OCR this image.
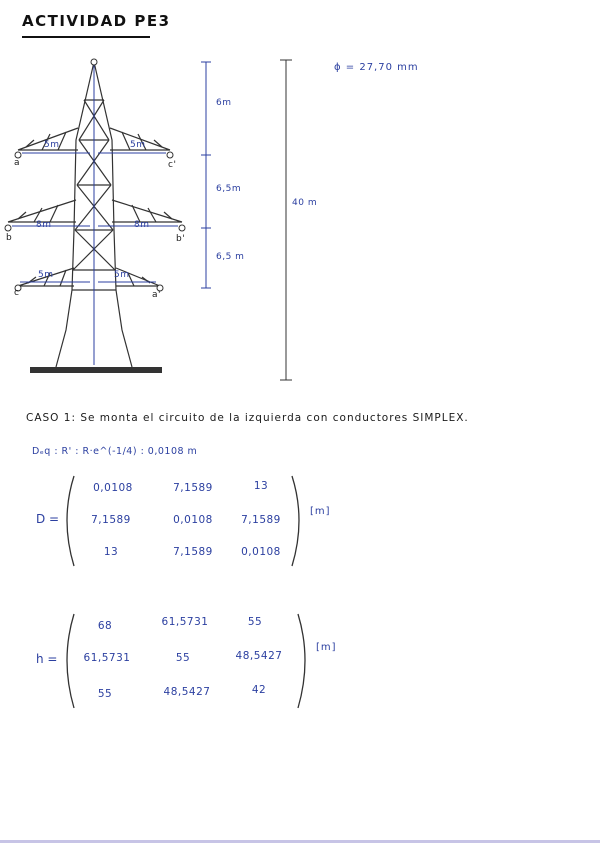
ACTIVIDAD PE3
a	c'
b	b'
c	a'
5m	5m
8m	8m
5m	5m
6m
6,5m
6,5 m
40 m
ϕ = 27,70 mm
CASO 1: Se monta el circuito de la izquierda con conductores SIMPLEX.
Dₑq : R' : R·e^(-1/4) : 0,0108 m
D =
0,0108	7,1589	13
7,1589	0,0108	7,1589
13	7,1589	0,0108
[m]
h =
68	61,5731	55
61,5731	55	48,5427
55	48,5427	42
[m]
